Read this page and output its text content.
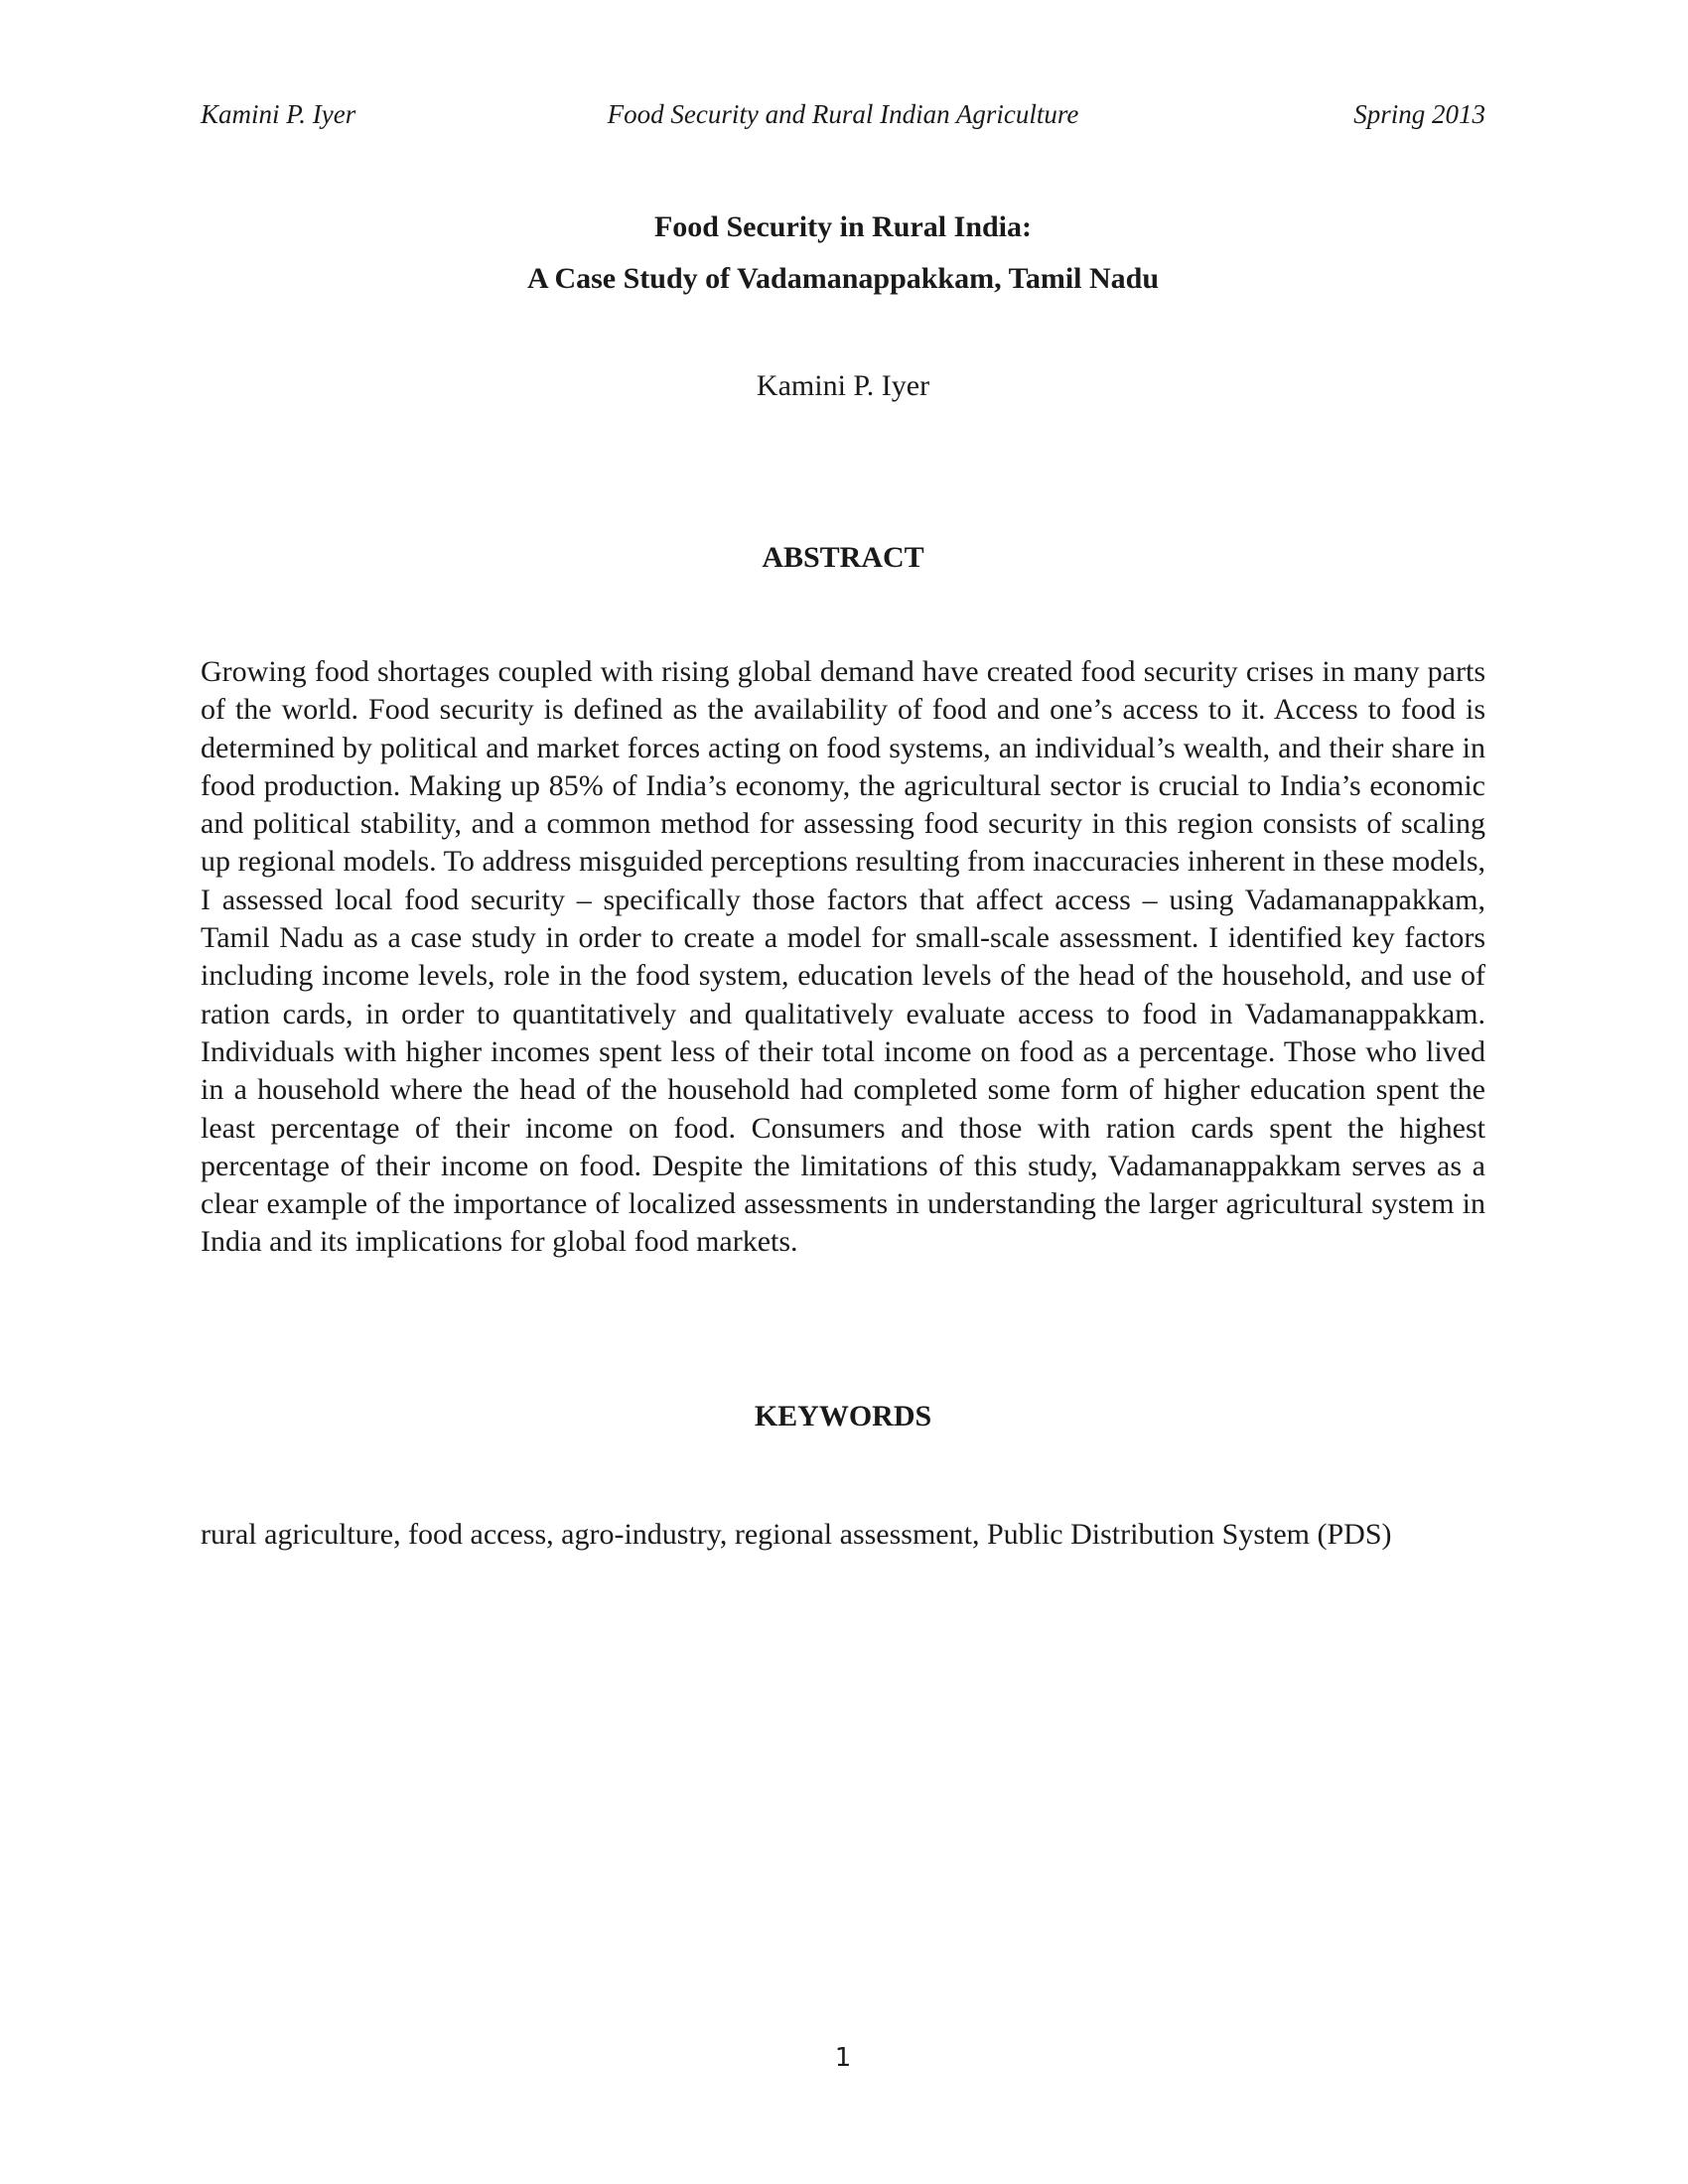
Kamini P. Iyer	Food Security and Rural Indian Agriculture	Spring 2013
Food Security in Rural India:
A Case Study of Vadamanappakkam, Tamil Nadu
Kamini P. Iyer
ABSTRACT

Growing food shortages coupled with rising global demand have created food security crises in many parts of the world. Food security is defined as the availability of food and one’s access to it. Access to food is determined by political and market forces acting on food systems, an individual’s wealth, and their share in food production. Making up 85% of India’s economy, the agricultural sector is crucial to India’s economic and political stability, and a common method for assessing food security in this region consists of scaling up regional models. To address misguided perceptions resulting from inaccuracies inherent in these models, I assessed local food security – specifically those factors that affect access – using Vadamanappakkam, Tamil Nadu as a case study in order to create a model for small-scale assessment. I identified key factors including income levels, role in the food system, education levels of the head of the household, and use of ration cards, in order to quantitatively and qualitatively evaluate access to food in Vadamanappakkam. Individuals with higher incomes spent less of their total income on food as a percentage. Those who lived in a household where the head of the household had completed some form of higher education spent the least percentage of their income on food. Consumers and those with ration cards spent the highest percentage of their income on food. Despite the limitations of this study, Vadamanappakkam serves as a clear example of the importance of localized assessments in understanding the larger agricultural system in India and its implications for global food markets.

KEYWORDS

rural agriculture, food access, agro-industry, regional assessment, Public Distribution System (PDS)

1
